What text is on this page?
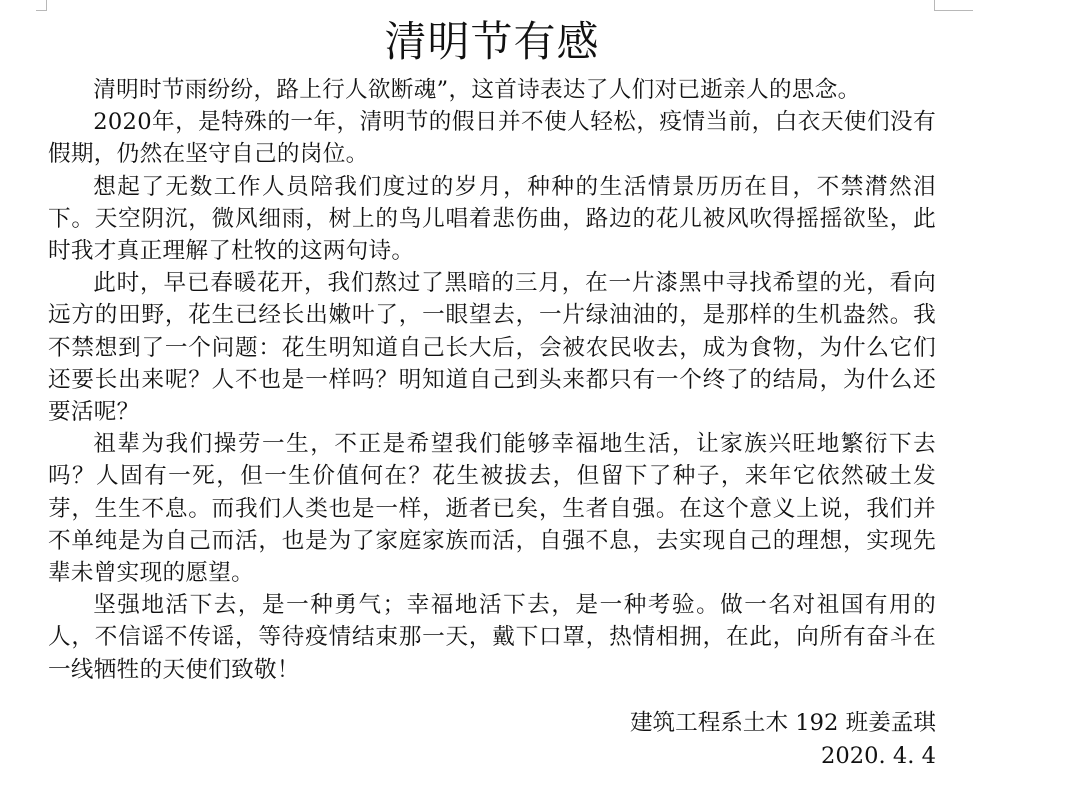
清明节有感

清明时节雨纷纷，路上行人欲断魂”，这首诗表达了人们对已逝亲人的思念。

2020年，是特殊的一年，清明节的假日并不使人轻松，疫情当前，白衣天使们没有假期，仍然在坚守自己的岗位。

想起了无数工作人员陪我们度过的岁月，种种的生活情景历历在目，不禁潸然泪下。天空阴沉，微风细雨，树上的鸟儿唱着悲伤曲，路边的花儿被风吹得摇摇欲坠，此时我才真正理解了杜牧的这两句诗。

此时，早已春暖花开，我们熬过了黑暗的三月，在一片漆黑中寻找希望的光，看向远方的田野，花生已经长出嫩叶了，一眼望去，一片绿油油的，是那样的生机盎然。我不禁想到了一个问题：花生明知道自己长大后，会被农民收去，成为食物，为什么它们还要长出来呢？人不也是一样吗？明知道自己到头来都只有一个终了的结局，为什么还要活呢？

祖辈为我们操劳一生，不正是希望我们能够幸福地生活，让家族兴旺地繁衍下去吗？人固有一死，但一生价值何在？花生被拔去，但留下了种子，来年它依然破土发芽，生生不息。而我们人类也是一样，逝者已矣，生者自强。在这个意义上说，我们并不单纯是为自己而活，也是为了家庭家族而活，自强不息，去实现自己的理想，实现先辈未曾实现的愿望。

坚强地活下去，是一种勇气；幸福地活下去，是一种考验。做一名对祖国有用的人，不信谣不传谣，等待疫情结束那一天，戴下口罩，热情相拥，在此，向所有奋斗在一线牺牲的天使们致敬！

建筑工程系土木 192 班姜孟琪
2020. 4. 4
